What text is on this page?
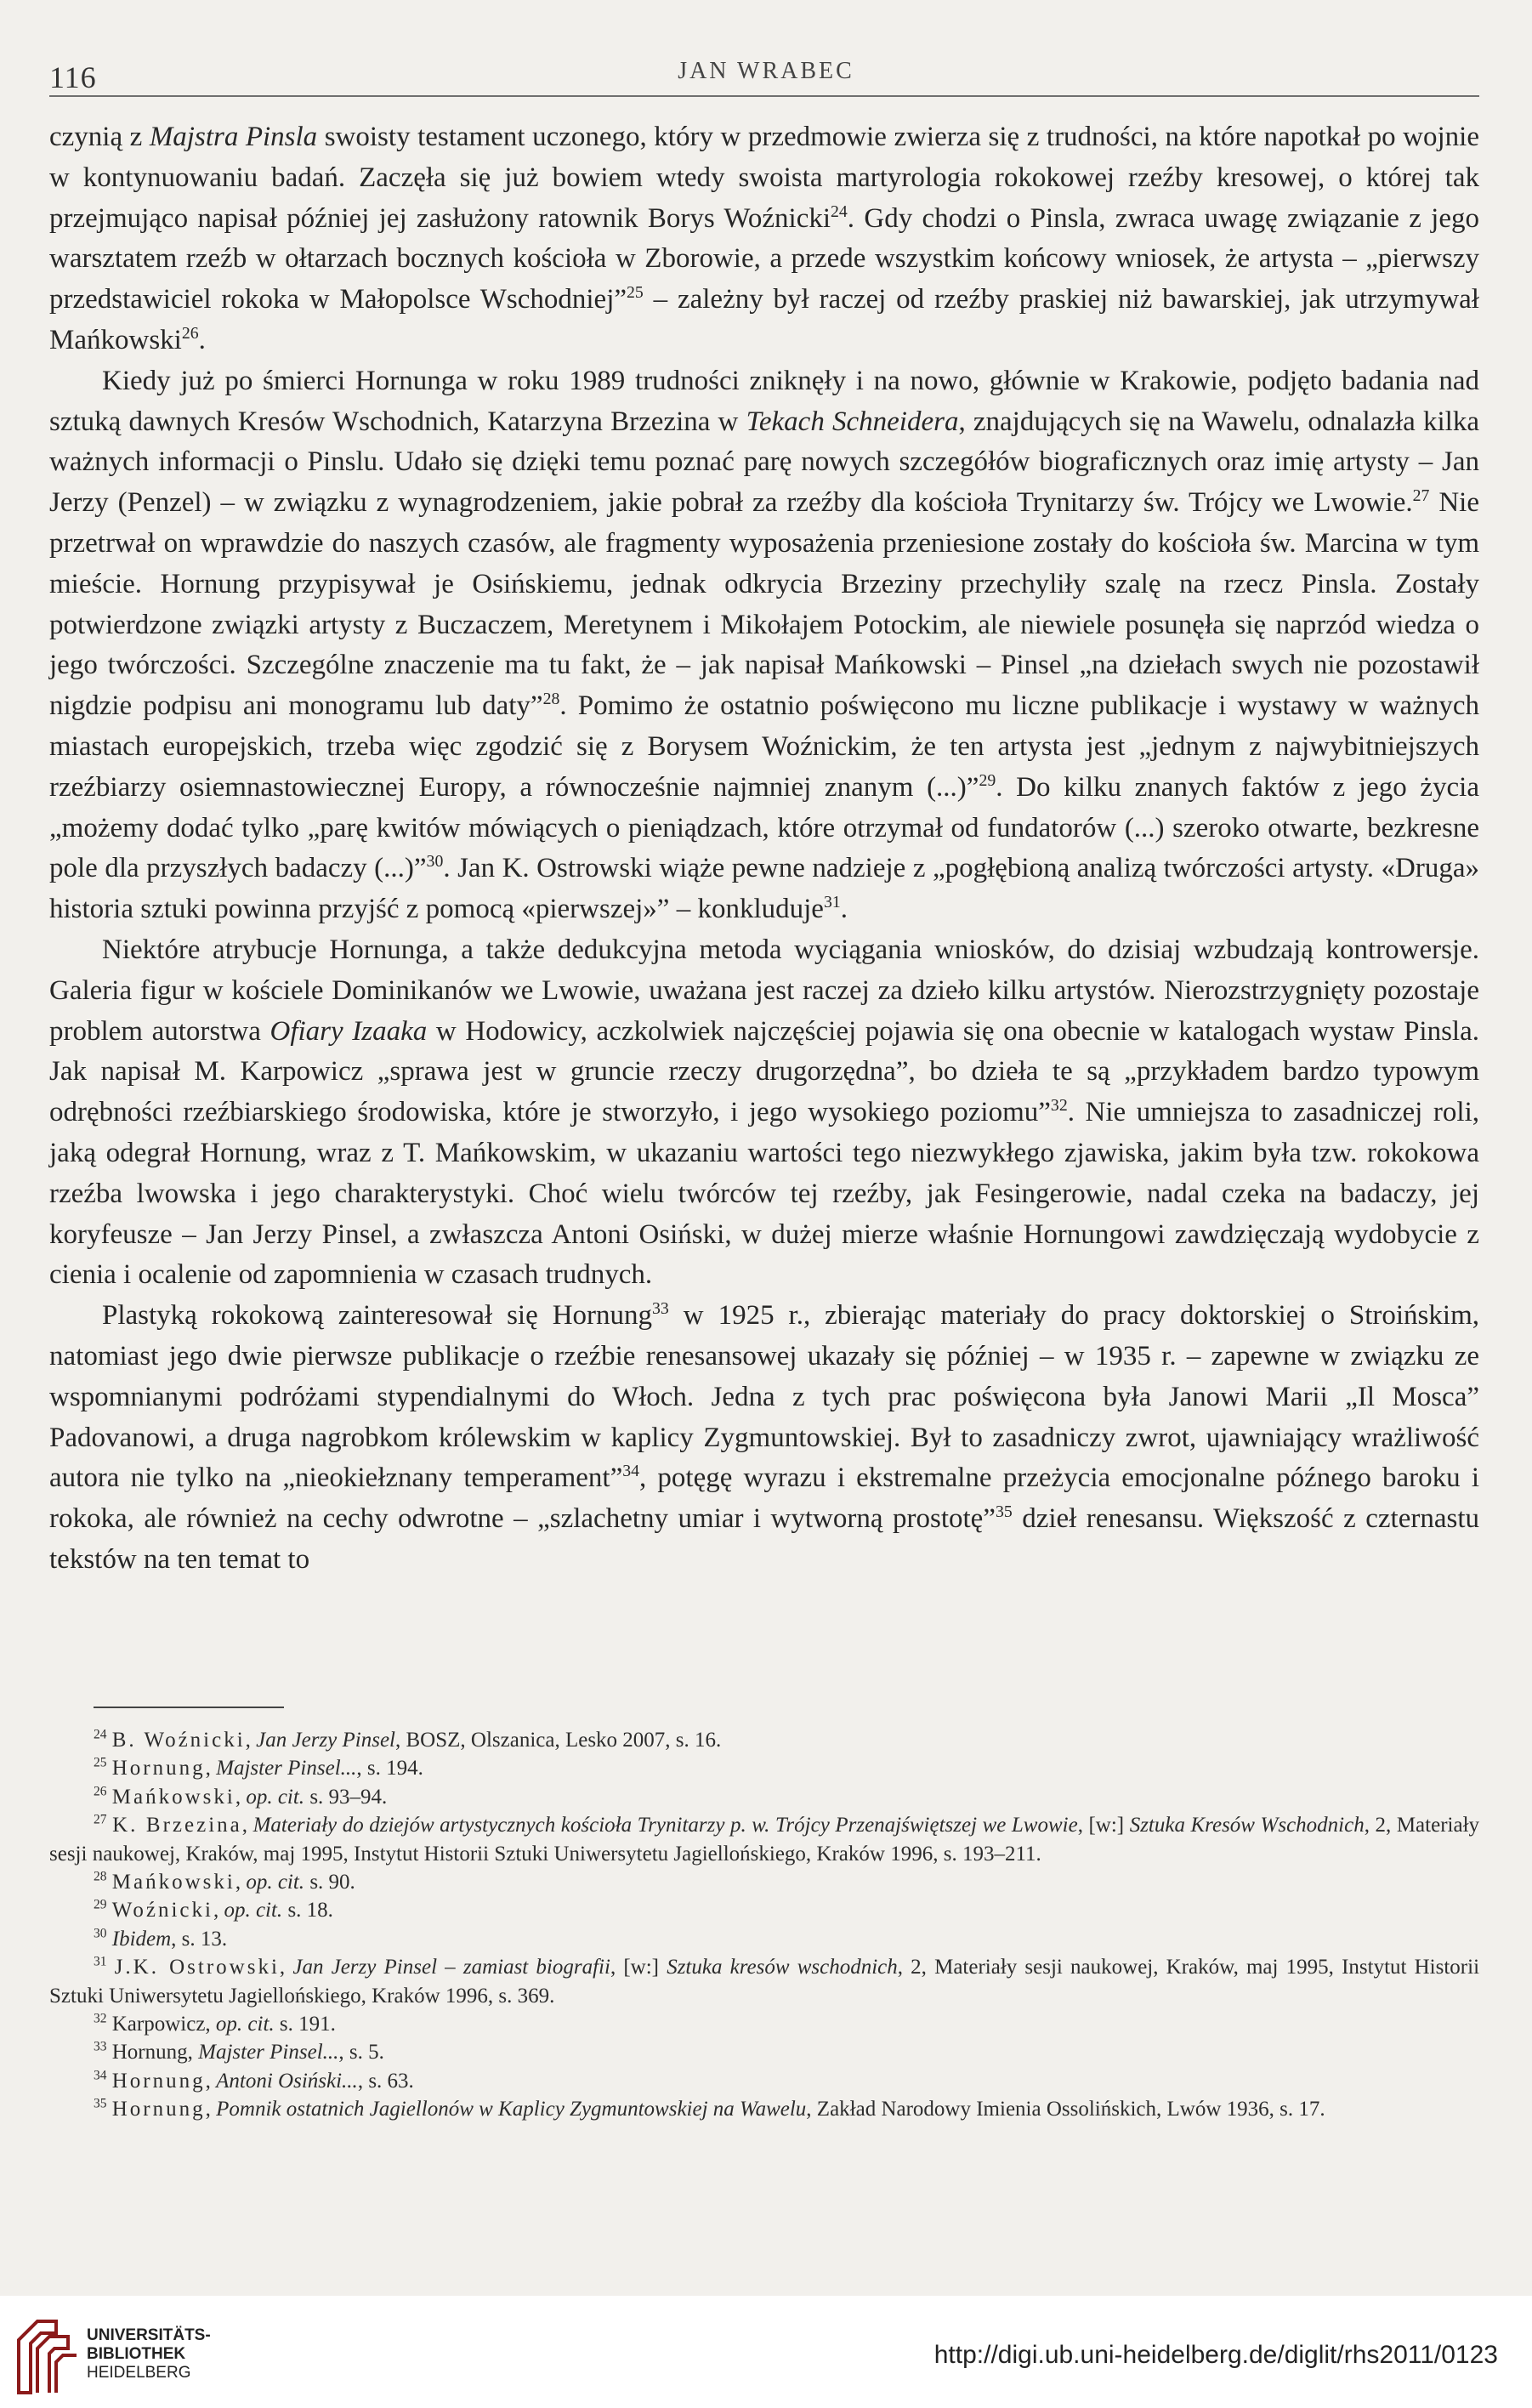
116	JAN WRABEC

czynią z Majstra Pinsla swoisty testament uczonego, który w przedmowie zwierza się z trudności, na które napotkał po wojnie w kontynuowaniu badań. Zaczęła się już bowiem wtedy swoista martyrologia rokokowej rzeźby kresowej, o której tak przejmująco napisał później jej zasłużony ratownik Borys Woźnicki$^{24}$. Gdy chodzi o Pinsla, zwraca uwagę związanie z jego warsztatem rzeźb w ołtarzach bocznych kościoła w Zborowie, a przede wszystkim końcowy wniosek, że artysta – „pierwszy przedstawiciel rokoka w Małopolsce Wschodniej”$^{25}$ – zależny był raczej od rzeźby praskiej niż bawarskiej, jak utrzymywał Mańkowski$^{26}$.

Kiedy już po śmierci Hornunga w roku 1989 trudności zniknęły i na nowo, głównie w Krakowie, podjęto badania nad sztuką dawnych Kresów Wschodnich, Katarzyna Brzezina w Tekach Schneidera, znajdujących się na Wawelu, odnalazła kilka ważnych informacji o Pinslu. Udało się dzięki temu poznać parę nowych szczegółów biograficznych oraz imię artysty – Jan Jerzy (Penzel) – w związku z wynagrodzeniem, jakie pobrał za rzeźby dla kościoła Trynitarzy św. Trójcy we Lwowie.$^{27}$ Nie przetrwał on wprawdzie do naszych czasów, ale fragmenty wyposażenia przeniesione zostały do kościoła św. Marcina w tym mieście. Hornung przypisywał je Osińskiemu, jednak odkrycia Brzeziny przechyliły szalę na rzecz Pinsla. Zostały potwierdzone związki artysty z Buczaczem, Meretynem i Mikołajem Potockim, ale niewiele posunęła się naprzód wiedza o jego twórczości. Szczególne znaczenie ma tu fakt, że – jak napisał Mańkowski – Pinsel „na dziełach swych nie pozostawił nigdzie podpisu ani monogramu lub daty”$^{28}$. Pomimo że ostatnio poświęcono mu liczne publikacje i wystawy w ważnych miastach europejskich, trzeba więc zgodzić się z Borysem Woźnickim, że ten artysta jest „jednym z najwybitniejszych rzeźbiarzy osiemnastowiecznej Europy, a równocześnie najmniej znanym (...)”$^{29}$. Do kilku znanych faktów z jego życia „możemy dodać tylko „parę kwitów mówiących o pieniądzach, które otrzymał od fundatorów (...) szeroko otwarte, bezkresne pole dla przyszłych badaczy (...)”$^{30}$. Jan K. Ostrowski wiąże pewne nadzieje z „pogłębioną analizą twórczości artysty. «Druga» historia sztuki powinna przyjść z pomocą «pierwszej»” – konkluduje$^{31}$.

Niektóre atrybucje Hornunga, a także dedukcyjna metoda wyciągania wniosków, do dzisiaj wzbudzają kontrowersje. Galeria figur w kościele Dominikanów we Lwowie, uważana jest raczej za dzieło kilku artystów. Nierozstrzygnięty pozostaje problem autorstwa Ofiary Izaaka w Hodowicy, aczkolwiek najczęściej pojawia się ona obecnie w katalogach wystaw Pinsla. Jak napisał M. Karpowicz „sprawa jest w gruncie rzeczy drugorzędna”, bo dzieła te są „przykładem bardzo typowym odrębności rzeźbiarskiego środowiska, które je stworzyło, i jego wysokiego poziomu”$^{32}$. Nie umniejsza to zasadniczej roli, jaką odegrał Hornung, wraz z T. Mańkowskim, w ukazaniu wartości tego niezwykłego zjawiska, jakim była tzw. rokokowa rzeźba lwowska i jego charakterystyki. Choć wielu twórców tej rzeźby, jak Fesingerowie, nadal czeka na badaczy, jej koryfeusze – Jan Jerzy Pinsel, a zwłaszcza Antoni Osiński, w dużej mierze właśnie Hornungowi zawdzięczają wydobycie z cienia i ocalenie od zapomnienia w czasach trudnych.

Plastyką rokokową zainteresował się Hornung$^{33}$ w 1925 r., zbierając materiały do pracy doktorskiej o Stroińskim, natomiast jego dwie pierwsze publikacje o rzeźbie renesansowej ukazały się później – w 1935 r. – zapewne w związku ze wspomnianymi podróżami stypendialnymi do Włoch. Jedna z tych prac poświęcona była Janowi Marii „Il Mosca” Padovanowi, a druga nagrobkom królewskim w kaplicy Zygmuntowskiej. Był to zasadniczy zwrot, ujawniający wrażliwość autora nie tylko na „nieokiełznany temperament”$^{34}$, potęgę wyrazu i ekstremalne przeżycia emocjonalne późnego baroku i rokoka, ale również na cechy odwrotne – „szlachetny umiar i wytworną prostotę”$^{35}$ dzieł renesansu. Większość z czternastu tekstów na ten temat to

$^{24}$ B. Woźnicki, Jan Jerzy Pinsel, BOSZ, Olszanica, Lesko 2007, s. 16.

$^{25}$ Hornung, Majster Pinsel..., s. 194.

$^{26}$ Mańkowski, op. cit. s. 93–94.

$^{27}$ K. Brzezina, Materiały do dziejów artystycznych kościoła Trynitarzy p. w. Trójcy Przenajświętszej we Lwowie, [w:] Sztuka Kresów Wschodnich, 2, Materiały sesji naukowej, Kraków, maj 1995, Instytut Historii Sztuki Uniwersytetu Jagiellońskiego, Kraków 1996, s. 193–211.

$^{28}$ Mańkowski, op. cit. s. 90.

$^{29}$ Woźnicki, op. cit. s. 18.

$^{30}$ Ibidem, s. 13.

$^{31}$ J.K. Ostrowski, Jan Jerzy Pinsel – zamiast biografii, [w:] Sztuka kresów wschodnich, 2, Materiały sesji naukowej, Kraków, maj 1995, Instytut Historii Sztuki Uniwersytetu Jagiellońskiego, Kraków 1996, s. 369.

$^{32}$ Karpowicz, op. cit. s. 191.

$^{33}$ Hornung, Majster Pinsel..., s. 5.

$^{34}$ Hornung, Antoni Osiński..., s. 63.

$^{35}$ Hornung, Pomnik ostatnich Jagiellonów w Kaplicy Zygmuntowskiej na Wawelu, Zakład Narodowy Imienia Ossolińskich, Lwów 1936, s. 17.

UNIVERSITÄTS-
BIBLIOTHEK
HEIDELBERG
http://digi.ub.uni-heidelberg.de/diglit/rhs2011/0123
